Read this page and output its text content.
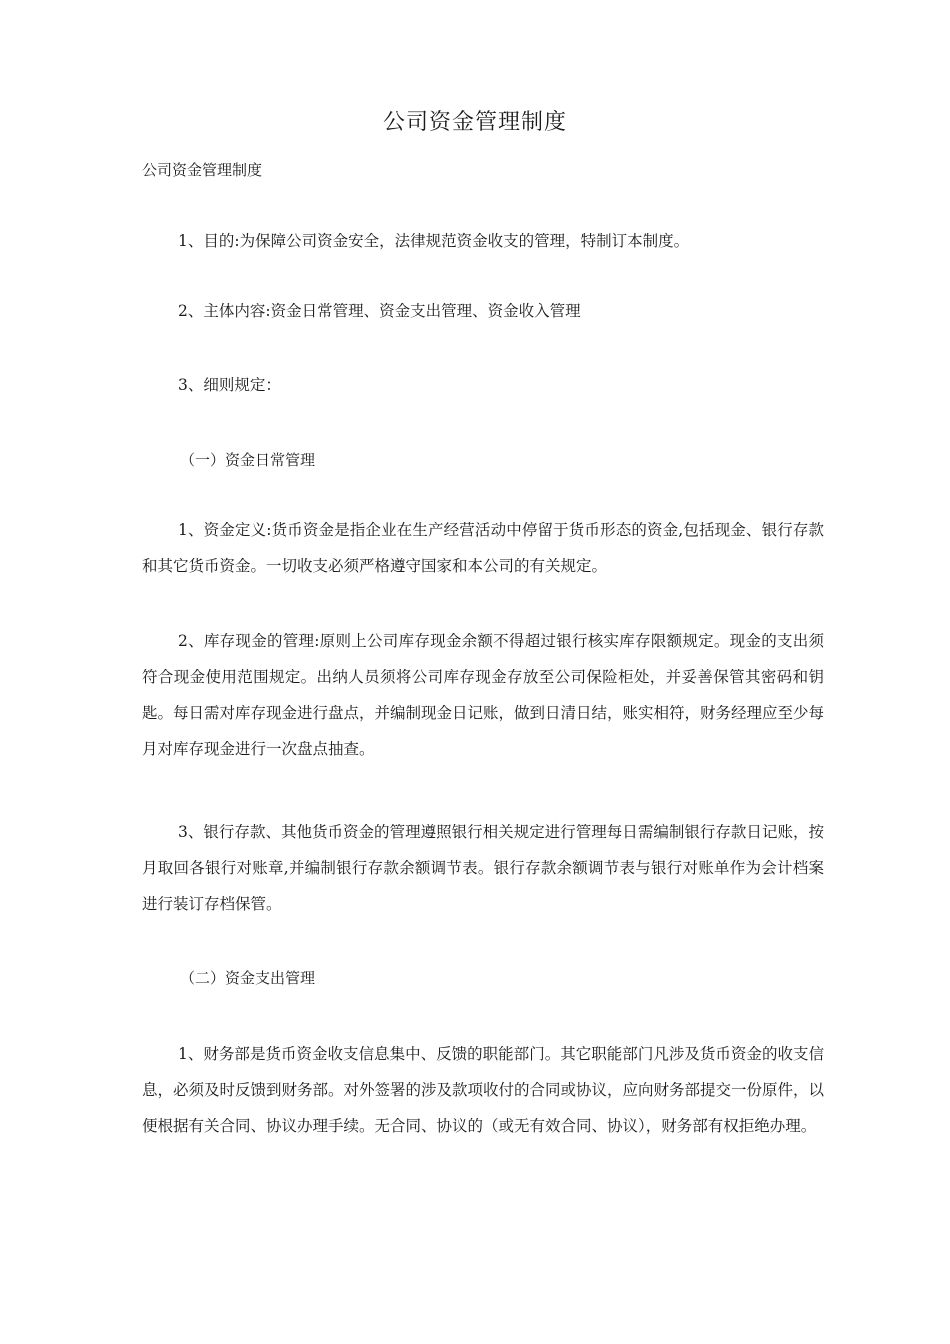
公司资金管理制度
公司资金管理制度

1、目的:为保障公司资金安全，法律规范资金收支的管理，特制订本制度。

2、主体内容:资金日常管理、资金支出管理、资金收入管理

3、细则规定：

（一）资金日常管理

1、资金定义:货币资金是指企业在生产经营活动中停留于货币形态的资金,包括现金、银行存款和其它货币资金。一切收支必须严格遵守国家和本公司的有关规定。

2、库存现金的管理:原则上公司库存现金余额不得超过银行核实库存限额规定。现金的支出须符合现金使用范围规定。出纳人员须将公司库存现金存放至公司保险柜处，并妥善保管其密码和钥匙。每日需对库存现金进行盘点，并编制现金日记账，做到日清日结，账实相符，财务经理应至少每月对库存现金进行一次盘点抽查。

3、银行存款、其他货币资金的管理遵照银行相关规定进行管理每日需编制银行存款日记账，按月取回各银行对账章,并编制银行存款余额调节表。银行存款余额调节表与银行对账单作为会计档案进行装订存档保管。

（二）资金支出管理

1、财务部是货币资金收支信息集中、反馈的职能部门。其它职能部门凡涉及货币资金的收支信息，必须及时反馈到财务部。对外签署的涉及款项收付的合同或协议，应向财务部提交一份原件，以便根据有关合同、协议办理手续。无合同、协议的（或无有效合同、协议），财务部有权拒绝办理。
